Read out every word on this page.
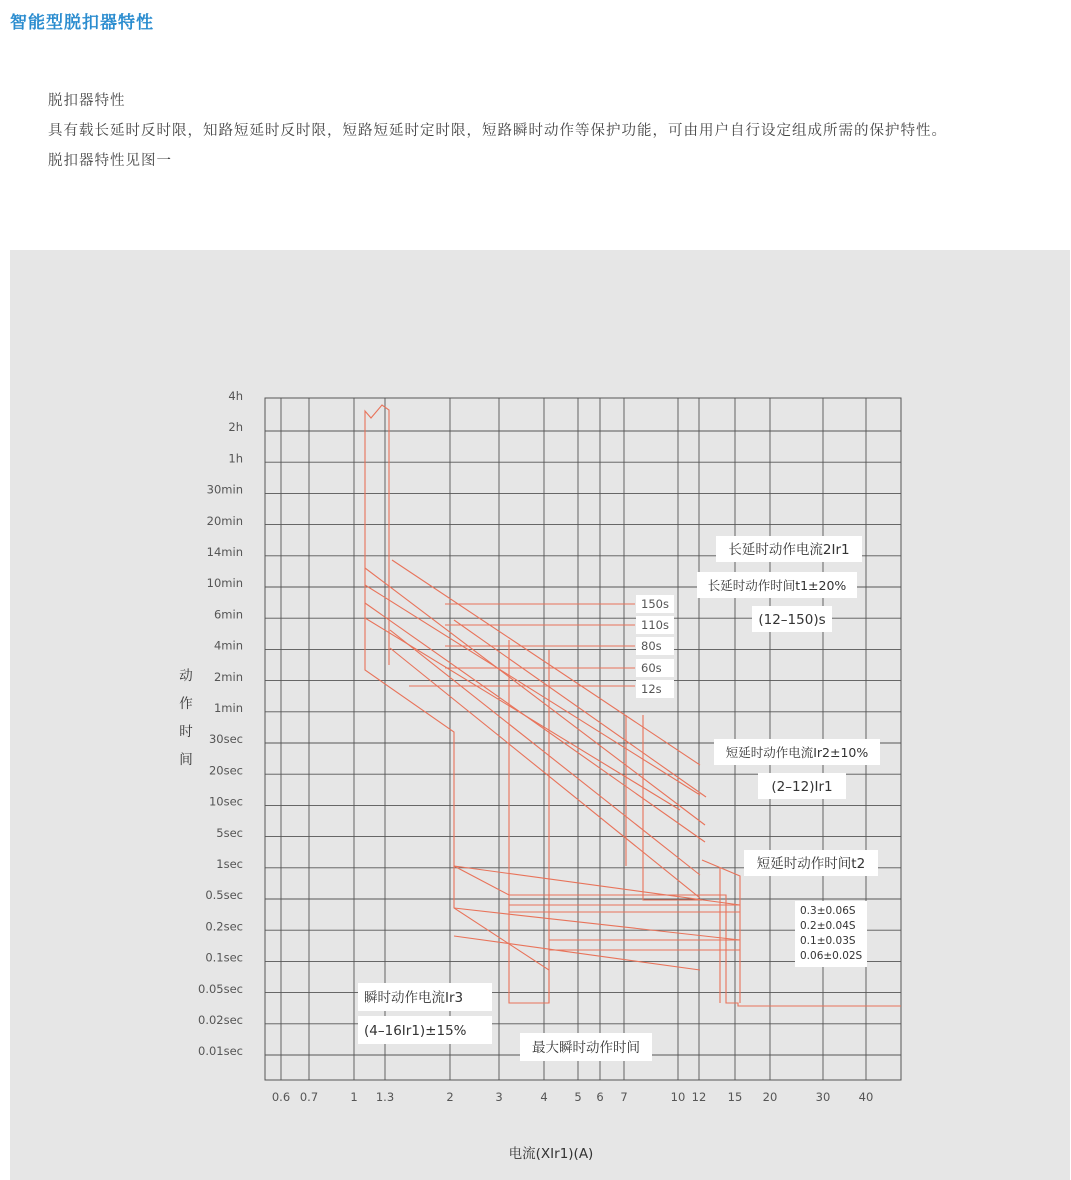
智能型脱扣器特性

脱扣器特性

具有载长延时反时限，知路短延时反时限，短路短延时定时限，短路瞬时动作等保护功能，可由用户自行设定组成所需的保护特性。

脱扣器特性见图一

0.6 0.7	1 1.3	2	3	4 5 6 7	10 12 15 20	30 40
4h
2h
1h
30min
20min
14min
10min
6min
4min
2min
1min
30sec
20sec
10sec
5sec
1sec
0.5sec
0.2sec
0.1sec
0.05sec
0.02sec
0.01sec
150s
110s
80s
60s
12s
动作时间
电流(XIr1)(A)
长延时动作电流2Ir1
长延时动作时间t1±20%
(12–150)s
短延时动作电流Ir2±10%
(2–12)Ir1
短延时动作时间t2
0.3±0.06S
0.2±0.04S
0.1±0.03S
0.06±0.02S
瞬时动作电流Ir3
(4–16Ir1)±15%
最大瞬时动作时间
